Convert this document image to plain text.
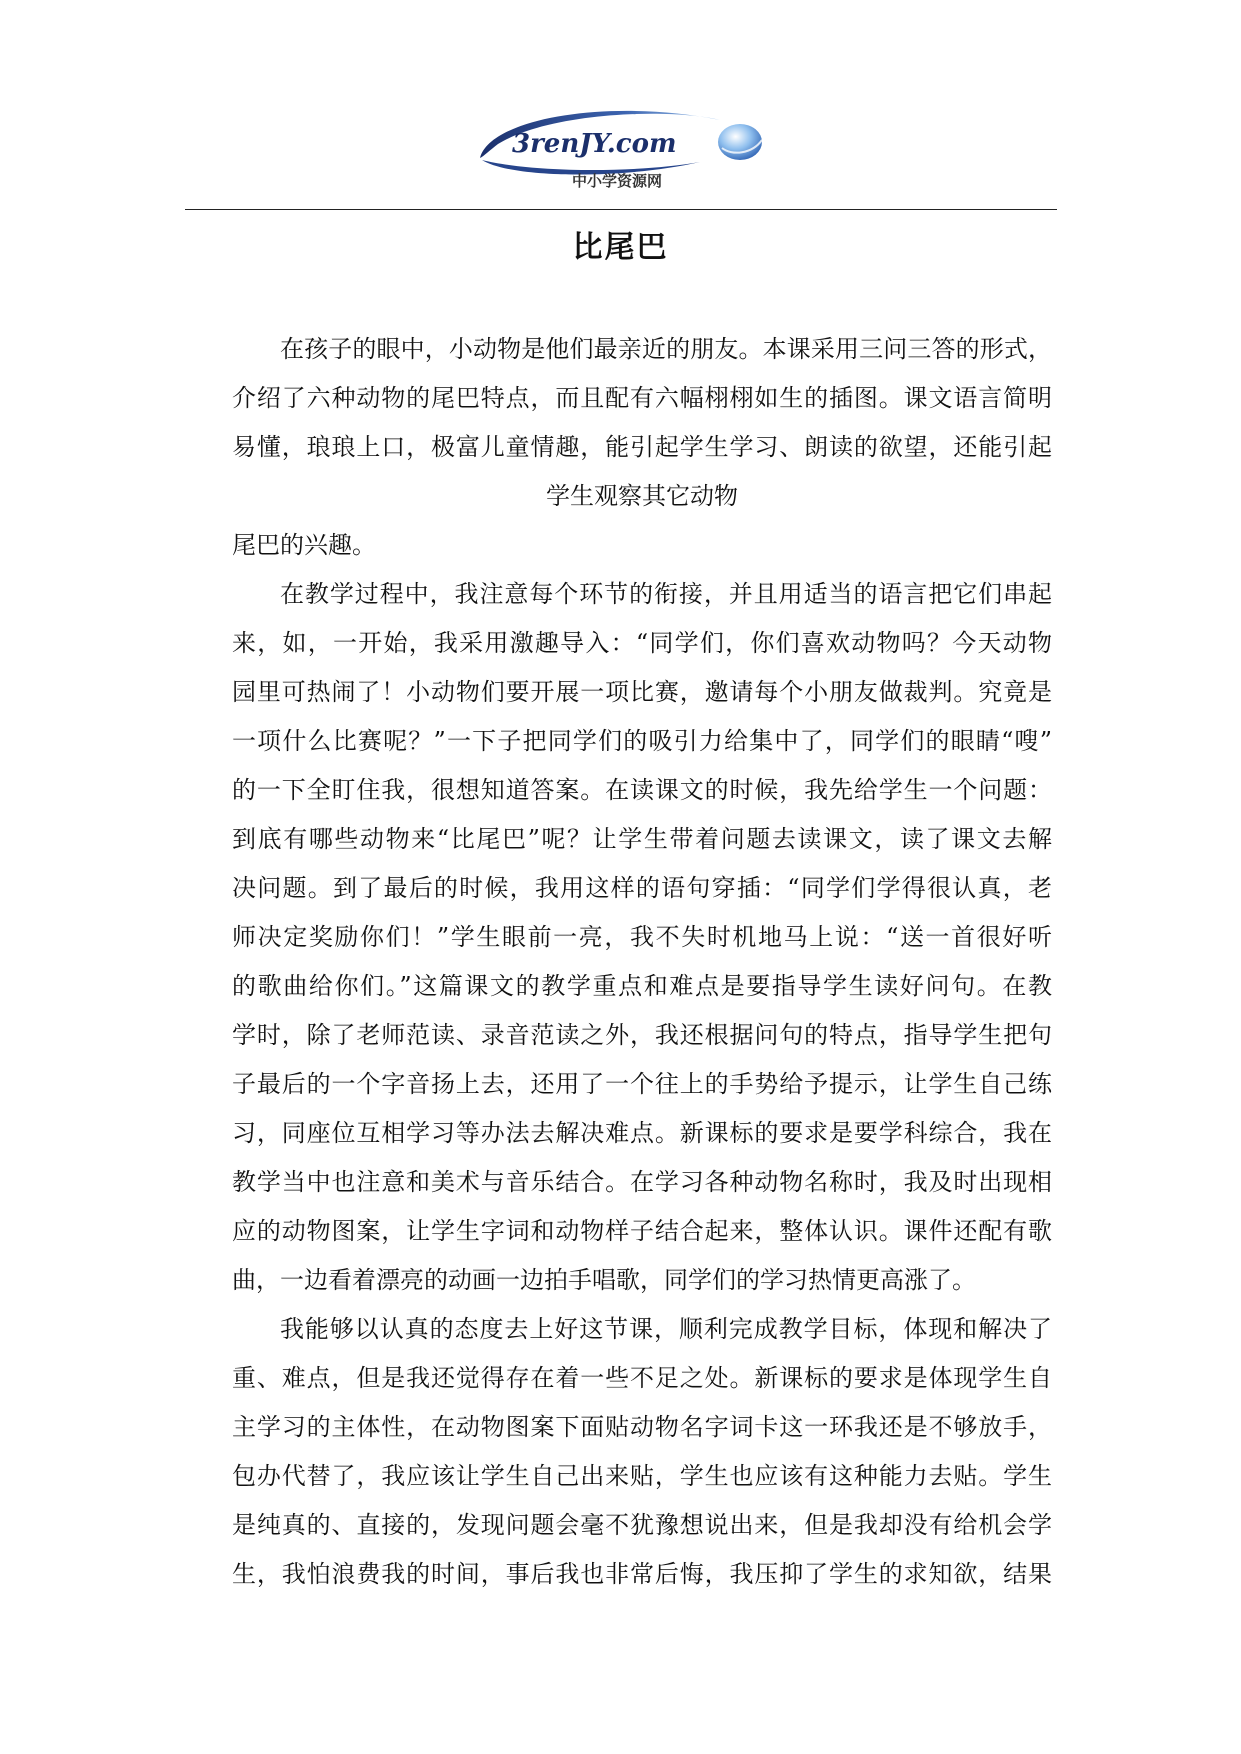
3renJY.com
中小学资源网
比尾巴
在孩子的眼中，小动物是他们最亲近的朋友。本课采用三问三答的形式，
介绍了六种动物的尾巴特点，而且配有六幅栩栩如生的插图。课文语言简明
易懂，琅琅上口，极富儿童情趣，能引起学生学习、朗读的欲望，还能引起
学生观察其它动物
尾巴的兴趣。
在教学过程中，我注意每个环节的衔接，并且用适当的语言把它们串起
来，如，一开始，我采用激趣导入：“同学们，你们喜欢动物吗？今天动物
园里可热闹了！小动物们要开展一项比赛，邀请每个小朋友做裁判。究竟是
一项什么比赛呢？”一下子把同学们的吸引力给集中了，同学们的眼睛“嗖”
的一下全盯住我，很想知道答案。在读课文的时候，我先给学生一个问题：
到底有哪些动物来“比尾巴”呢？让学生带着问题去读课文，读了课文去解
决问题。到了最后的时候，我用这样的语句穿插：“同学们学得很认真，老
师决定奖励你们！”学生眼前一亮，我不失时机地马上说：“送一首很好听
的歌曲给你们。”这篇课文的教学重点和难点是要指导学生读好问句。在教
学时，除了老师范读、录音范读之外，我还根据问句的特点，指导学生把句
子最后的一个字音扬上去，还用了一个往上的手势给予提示，让学生自己练
习，同座位互相学习等办法去解决难点。新课标的要求是要学科综合，我在
教学当中也注意和美术与音乐结合。在学习各种动物名称时，我及时出现相
应的动物图案，让学生字词和动物样子结合起来，整体认识。课件还配有歌
曲，一边看着漂亮的动画一边拍手唱歌，同学们的学习热情更高涨了。
我能够以认真的态度去上好这节课，顺利完成教学目标，体现和解决了
重、难点，但是我还觉得存在着一些不足之处。新课标的要求是体现学生自
主学习的主体性，在动物图案下面贴动物名字词卡这一环我还是不够放手，
包办代替了，我应该让学生自己出来贴，学生也应该有这种能力去贴。学生
是纯真的、直接的，发现问题会毫不犹豫想说出来，但是我却没有给机会学
生，我怕浪费我的时间，事后我也非常后悔，我压抑了学生的求知欲，结果
